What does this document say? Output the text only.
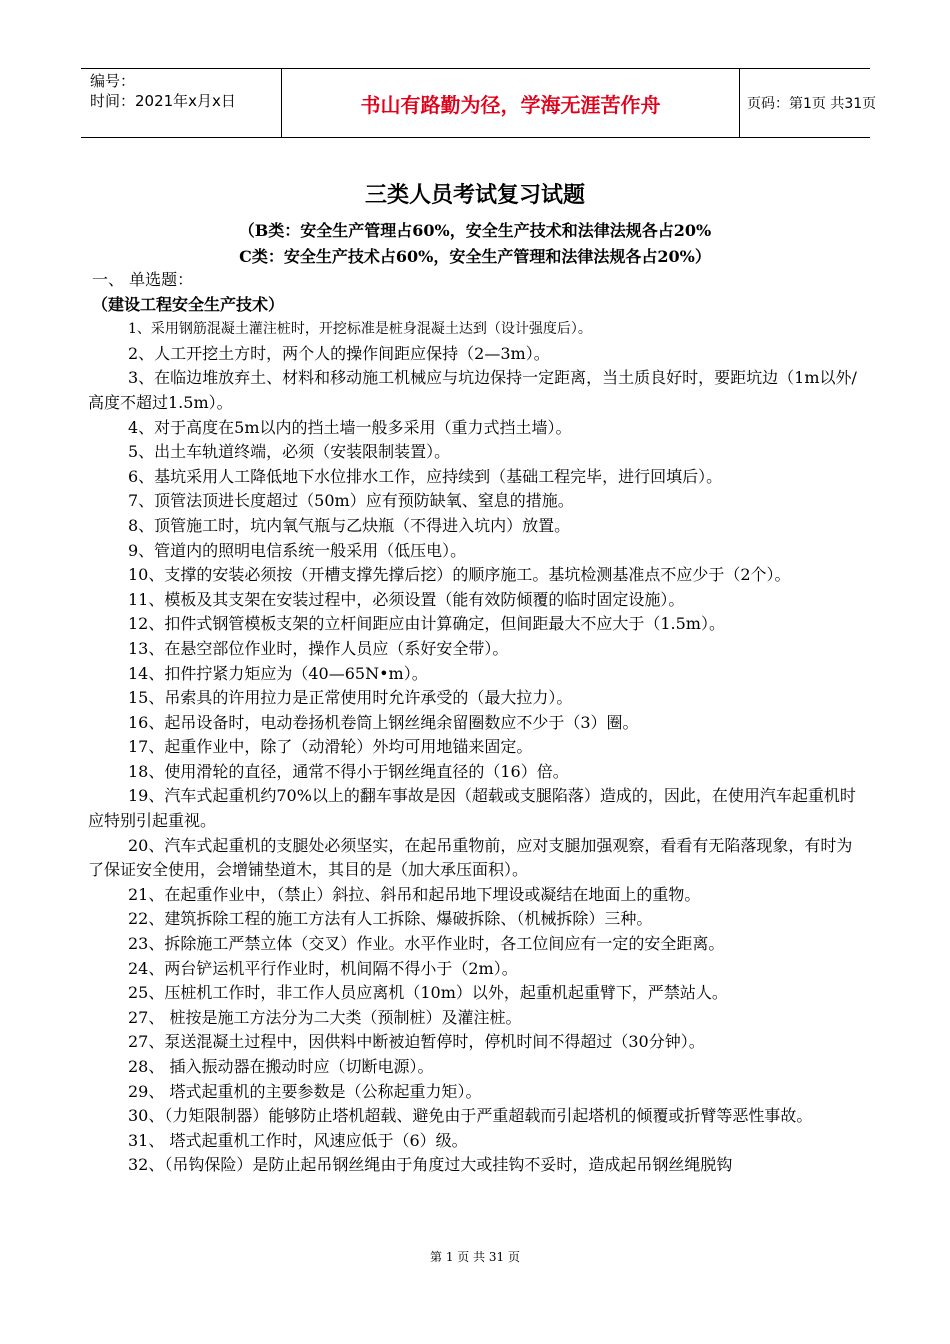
编号：
时间：2021年x月x日	书山有路勤为径，学海无涯苦作舟	页码：第1页 共31页
三类人员考试复习试题
（B类：安全生产管理占60%，安全生产技术和法律法规各占20%
C类：安全生产技术占60%，安全生产管理和法律法规各占20%）
一、 单选题：
（建设工程安全生产技术）
1、采用钢筋混凝土灌注桩时，开挖标准是桩身混凝土达到（设计强度后）。
2、人工开挖土方时，两个人的操作间距应保持（2—3m）。
3、在临边堆放弃土、材料和移动施工机械应与坑边保持一定距离，当土质良好时，要距坑边（1m以外/高度不超过1.5m）。
4、对于高度在5m以内的挡土墙一般多采用（重力式挡土墙）。
5、出土车轨道终端，必须（安装限制装置）。
6、基坑采用人工降低地下水位排水工作，应持续到（基础工程完毕，进行回填后）。
7、顶管法顶进长度超过（50m）应有预防缺氧、窒息的措施。
8、顶管施工时，坑内氧气瓶与乙炔瓶（不得进入坑内）放置。
9、管道内的照明电信系统一般采用（低压电）。
10、支撑的安装必须按（开槽支撑先撑后挖）的顺序施工。基坑检测基准点不应少于（2个）。
11、模板及其支架在安装过程中，必须设置（能有效防倾覆的临时固定设施）。
12、扣件式钢管模板支架的立杆间距应由计算确定，但间距最大不应大于（1.5m）。
13、在悬空部位作业时，操作人员应（系好安全带）。
14、扣件拧紧力矩应为（40—65N•m）。
15、吊索具的许用拉力是正常使用时允许承受的（最大拉力）。
16、起吊设备时，电动卷扬机卷筒上钢丝绳余留圈数应不少于（3）圈。
17、起重作业中，除了（动滑轮）外均可用地锚来固定。
18、使用滑轮的直径，通常不得小于钢丝绳直径的（16）倍。
19、汽车式起重机约70%以上的翻车事故是因（超载或支腿陷落）造成的，因此，在使用汽车起重机时应特别引起重视。
20、汽车式起重机的支腿处必须坚实，在起吊重物前，应对支腿加强观察，看看有无陷落现象，有时为了保证安全使用，会增铺垫道木，其目的是（加大承压面积）。
21、在起重作业中，（禁止）斜拉、斜吊和起吊地下埋设或凝结在地面上的重物。
22、建筑拆除工程的施工方法有人工拆除、爆破拆除、（机械拆除）三种。
23、拆除施工严禁立体（交叉）作业。水平作业时，各工位间应有一定的安全距离。
24、两台铲运机平行作业时，机间隔不得小于（2m）。
25、压桩机工作时，非工作人员应离机（10m）以外，起重机起重臂下，严禁站人。
27、 桩按是施工方法分为二大类（预制桩）及灌注桩。
27、泵送混凝土过程中，因供料中断被迫暂停时，停机时间不得超过（30分钟）。
28、 插入振动器在搬动时应（切断电源）。
29、 塔式起重机的主要参数是（公称起重力矩）。
30、（力矩限制器）能够防止塔机超载、避免由于严重超载而引起塔机的倾覆或折臂等恶性事故。
31、 塔式起重机工作时，风速应低于（6）级。
32、（吊钩保险）是防止起吊钢丝绳由于角度过大或挂钩不妥时，造成起吊钢丝绳脱钩
第 1 页 共 31 页
